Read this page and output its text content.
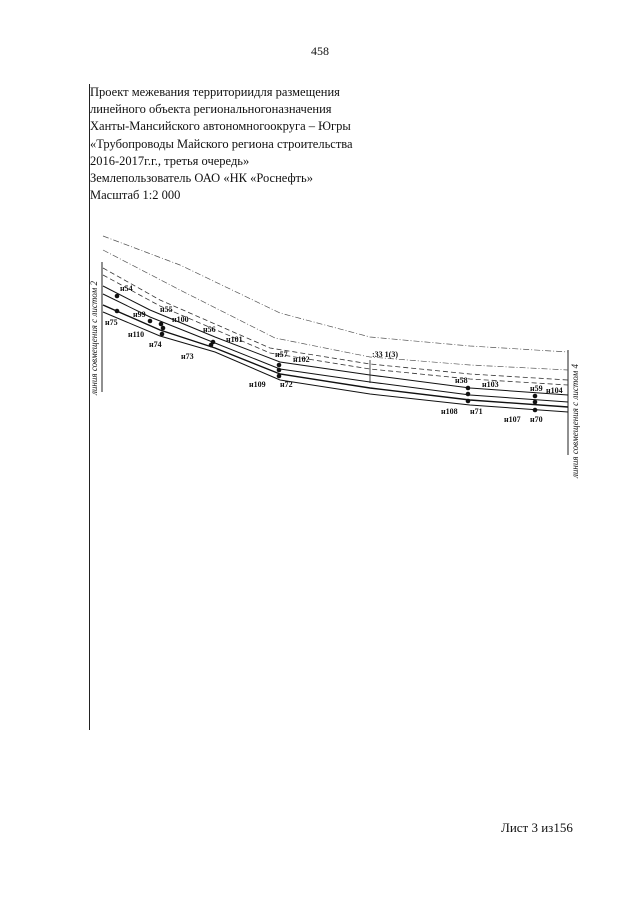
458
Проект межевания территориидля размещения
линейного объекта региональногоназначения
Ханты-Мансийского автономногоокруга – Югры
«Трубопроводы Майского региона строительства
2016-2017г.г., третья очередь»
Землепользователь ОАО «НК «Роснефть»
Масштаб 1:2 000
линия совмещения с листом 2
линия совмещения с листом 4
н54
н75
н99
н55
н100
н110
н74
н56
н101
н73	н57
н102
:33 1(3)
н109 н72	н58 н103	н59 н104
н108 н71
н107 н70
Лист 3 из156
